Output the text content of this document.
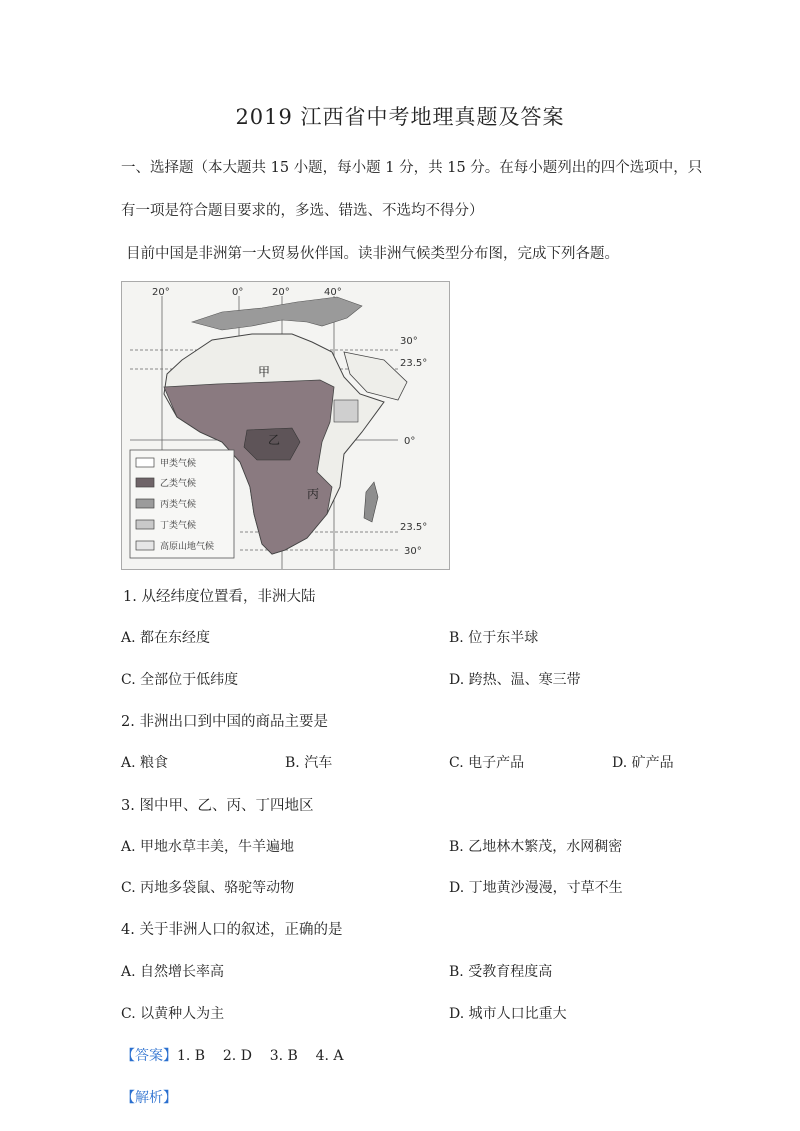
2019 江西省中考地理真题及答案
一、选择题（本大题共 15 小题，每小题 1 分，共 15 分。在每小题列出的四个选项中，只
有一项是符合题目要求的，多选、错选、不选均不得分）
目前中国是非洲第一大贸易伙伴国。读非洲气候类型分布图，完成下列各题。
甲类气候
乙类气候
丙类气候
丁类气候
高原山地气候
20°	0°	20°	40°
30°
23.5°
0°
23.5°
30°
甲
乙
丙
1. 从经纬度位置看，非洲大陆
A. 都在东经度	B. 位于东半球
C. 全部位于低纬度	D. 跨热、温、寒三带
2. 非洲出口到中国的商品主要是
A. 粮食	B. 汽车	C. 电子产品	D. 矿产品
3. 图中甲、乙、丙、丁四地区
A. 甲地水草丰美，牛羊遍地	B. 乙地林木繁茂，水网稠密
C. 丙地多袋鼠、骆驼等动物	D. 丁地黄沙漫漫，寸草不生
4. 关于非洲人口的叙述，正确的是
A. 自然增长率高	B. 受教育程度高
C. 以黄种人为主	D. 城市人口比重大
【答案】1. B    2. D    3. B    4. A
【解析】
